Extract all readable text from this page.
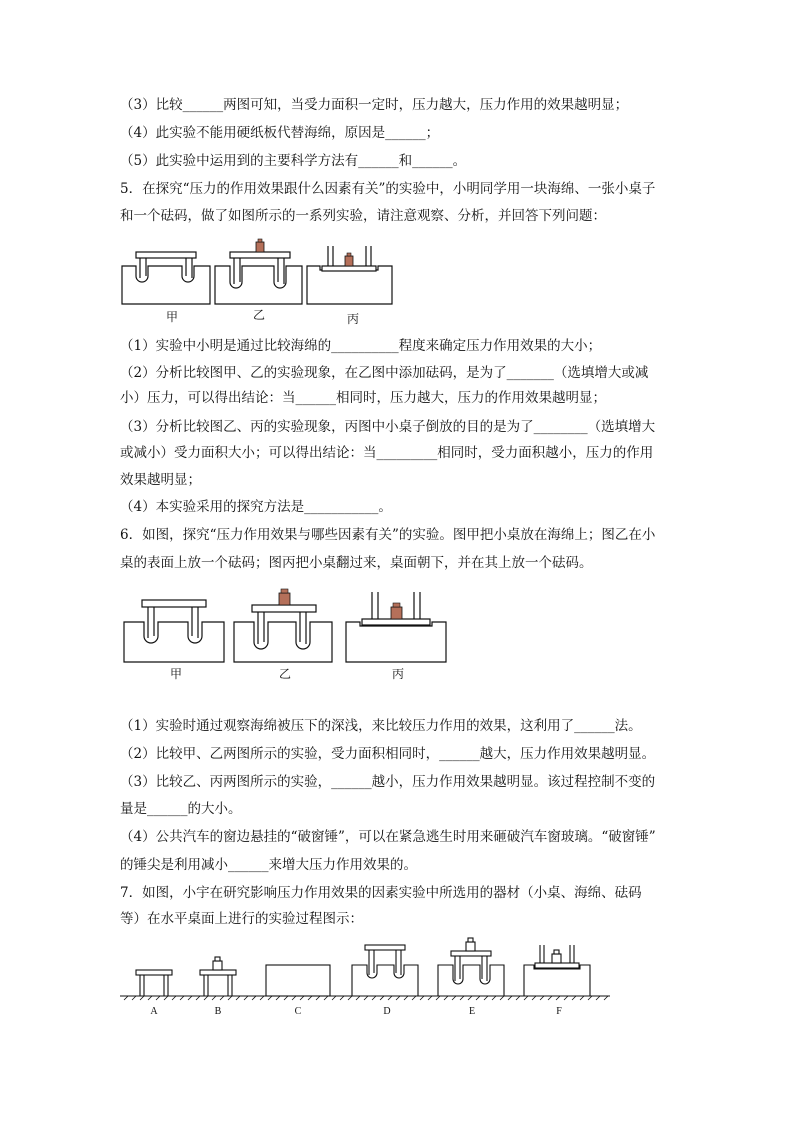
（3）比较______两图可知，当受力面积一定时，压力越大，压力作用的效果越明显；
（4）此实验不能用硬纸板代替海绵，原因是______；
（5）此实验中运用到的主要科学方法有______和______。
5．在探究“压力的作用效果跟什么因素有关”的实验中，小明同学用一块海绵、一张小桌子
和一个砝码，做了如图所示的一系列实验，请注意观察、分析，并回答下列问题：
甲	乙	丙
（1）实验中小明是通过比较海绵的__________程度来确定压力作用效果的大小；
（2）分析比较图甲、乙的实验现象，在乙图中添加砝码，是为了_______（选填增大或减
小）压力，可以得出结论：当______相同时，压力越大，压力的作用效果越明显；
（3）分析比较图乙、丙的实验现象，丙图中小桌子倒放的目的是为了________（选填增大
或减小）受力面积大小；可以得出结论：当_________相同时，受力面积越小，压力的作用
效果越明显；
（4）本实验采用的探究方法是___________。
6．如图，探究“压力作用效果与哪些因素有关”的实验。图甲把小桌放在海绵上；图乙在小
桌的表面上放一个砝码；图丙把小桌翻过来，桌面朝下，并在其上放一个砝码。
甲	乙	丙
（1）实验时通过观察海绵被压下的深浅，来比较压力作用的效果，这利用了______法。
（2）比较甲、乙两图所示的实验，受力面积相同时，______越大，压力作用效果越明显。
（3）比较乙、丙两图所示的实验，______越小，压力作用效果越明显。该过程控制不变的
量是______的大小。
（4）公共汽车的窗边悬挂的“破窗锤”，可以在紧急逃生时用来砸破汽车窗玻璃。“破窗锤”
的锤尖是利用减小______来增大压力作用效果的。
7．如图，小宇在研究影响压力作用效果的因素实验中所选用的器材（小桌、海绵、砝码
等）在水平桌面上进行的实验过程图示：
A	B	C	D	E	F
